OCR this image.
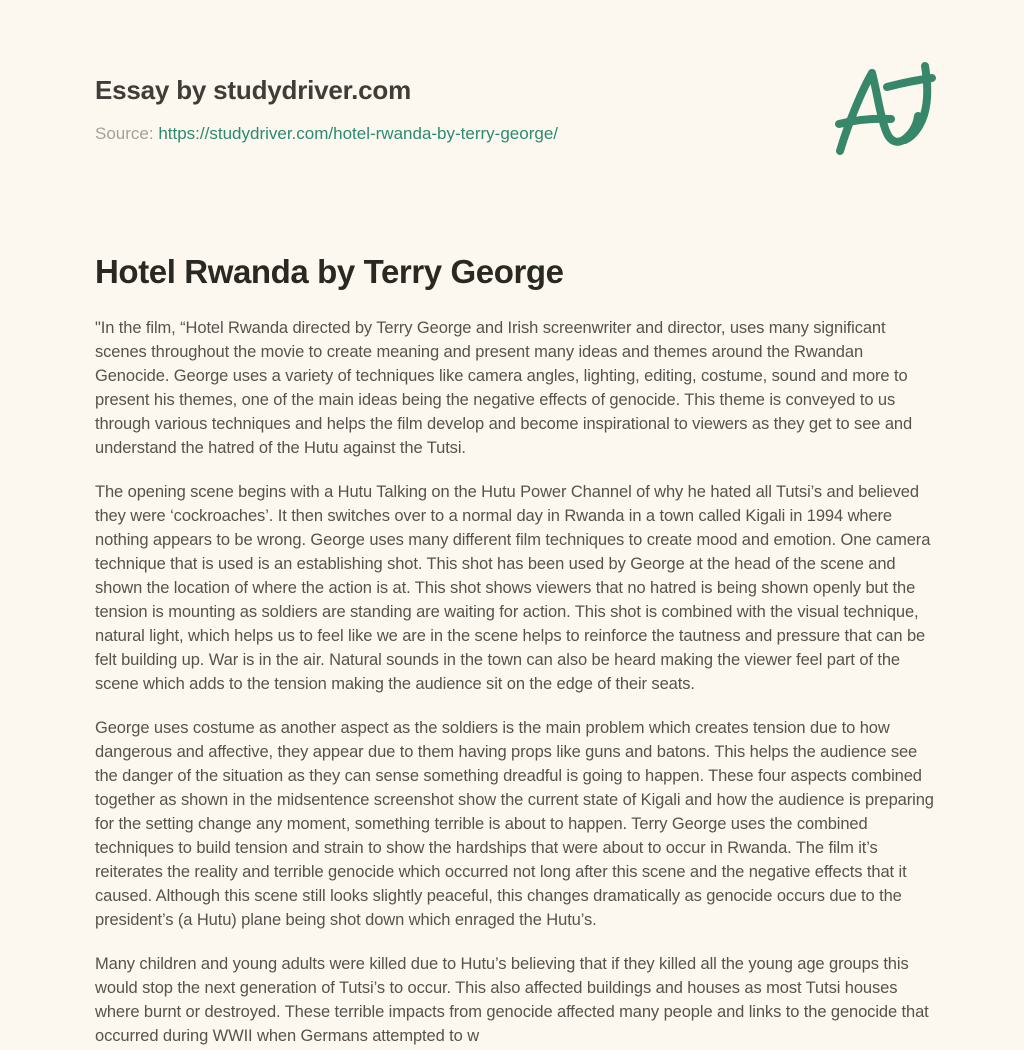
Essay by studydriver.com
Source: https://studydriver.com/hotel-rwanda-by-terry-george/
Hotel Rwanda by Terry George

"In the film, “Hotel Rwanda directed by Terry George and Irish screenwriter and director, uses many significant scenes throughout the movie to create meaning and present many ideas and themes around the Rwandan Genocide. George uses a variety of techniques like camera angles, lighting, editing, costume, sound and more to present his themes, one of the main ideas being the negative effects of genocide. This theme is conveyed to us through various techniques and helps the film develop and become inspirational to viewers as they get to see and understand the hatred of the Hutu against the Tutsi.

The opening scene begins with a Hutu Talking on the Hutu Power Channel of why he hated all Tutsi’s and believed they were ‘cockroaches’. It then switches over to a normal day in Rwanda in a town called Kigali in 1994 where nothing appears to be wrong. George uses many different film techniques to create mood and emotion. One camera technique that is used is an establishing shot. This shot has been used by George at the head of the scene and shown the location of where the action is at. This shot shows viewers that no hatred is being shown openly but the tension is mounting as soldiers are standing are waiting for action. This shot is combined with the visual technique, natural light, which helps us to feel like we are in the scene helps to reinforce the tautness and pressure that can be felt building up. War is in the air. Natural sounds in the town can also be heard making the viewer feel part of the scene which adds to the tension making the audience sit on the edge of their seats.

George uses costume as another aspect as the soldiers is the main problem which creates tension due to how dangerous and affective, they appear due to them having props like guns and batons. This helps the audience see the danger of the situation as they can sense something dreadful is going to happen. These four aspects combined together as shown in the midsentence screenshot show the current state of Kigali and how the audience is preparing for the setting change any moment, something terrible is about to happen. Terry George uses the combined techniques to build tension and strain to show the hardships that were about to occur in Rwanda. The film it’s reiterates the reality and terrible genocide which occurred not long after this scene and the negative effects that it caused. Although this scene still looks slightly peaceful, this changes dramatically as genocide occurs due to the president’s (a Hutu) plane being shot down which enraged the Hutu’s.

Many children and young adults were killed due to Hutu’s believing that if they killed all the young age groups this would stop the next generation of Tutsi’s to occur. This also affected buildings and houses as most Tutsi houses where burnt or destroyed. These terrible impacts from genocide affected many people and links to the genocide that occurred during WWII when Germans attempted to w
